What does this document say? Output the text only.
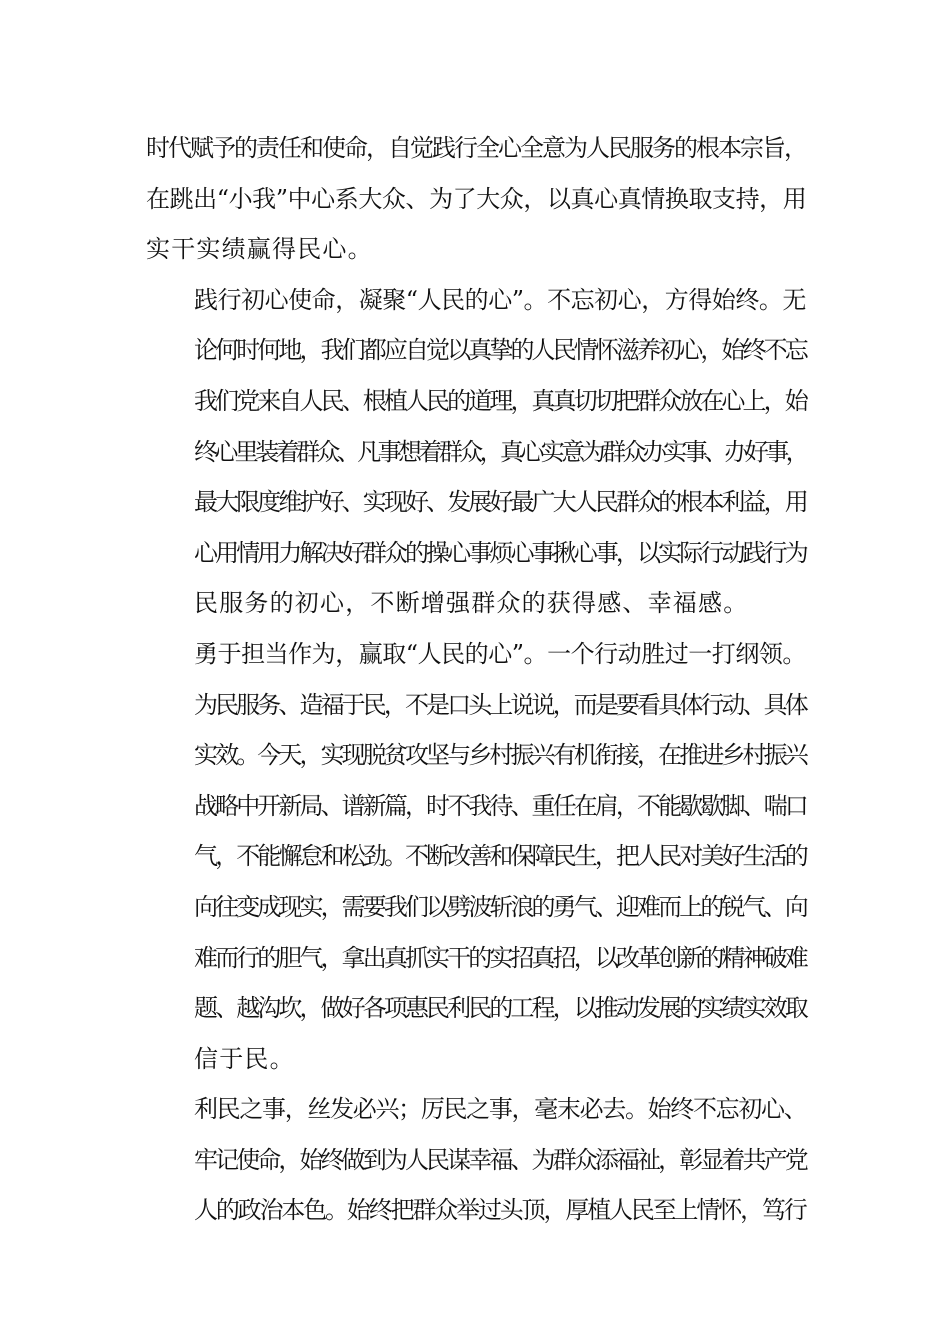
时代赋予的责任和使命，自觉践行全心全意为人民服务的根本宗旨，
在跳出“小我”中心系大众、为了大众，以真心真情换取支持，用
实干实绩赢得民心。

践行初心使命，凝聚“人民的心”。不忘初心，方得始终。无
论何时何地，我们都应自觉以真挚的人民情怀滋养初心，始终不忘
我们党来自人民、根植人民的道理，真真切切把群众放在心上，始
终心里装着群众、凡事想着群众，真心实意为群众办实事、办好事，
最大限度维护好、实现好、发展好最广大人民群众的根本利益，用
心用情用力解决好群众的操心事烦心事揪心事，以实际行动践行为
民服务的初心，不断增强群众的获得感、幸福感。

勇于担当作为，赢取“人民的心”。一个行动胜过一打纲领。
为民服务、造福于民，不是口头上说说，而是要看具体行动、具体
实效。今天，实现脱贫攻坚与乡村振兴有机衔接，在推进乡村振兴
战略中开新局、谱新篇，时不我待、重任在肩，不能歇歇脚、喘口
气，不能懈怠和松劲。不断改善和保障民生，把人民对美好生活的
向往变成现实，需要我们以劈波斩浪的勇气、迎难而上的锐气、向
难而行的胆气，拿出真抓实干的实招真招，以改革创新的精神破难
题、越沟坎，做好各项惠民利民的工程，以推动发展的实绩实效取
信于民。

利民之事，丝发必兴；厉民之事，毫末必去。始终不忘初心、
牢记使命，始终做到为人民谋幸福、为群众添福祉，彰显着共产党
人的政治本色。始终把群众举过头顶，厚植人民至上情怀，笃行
